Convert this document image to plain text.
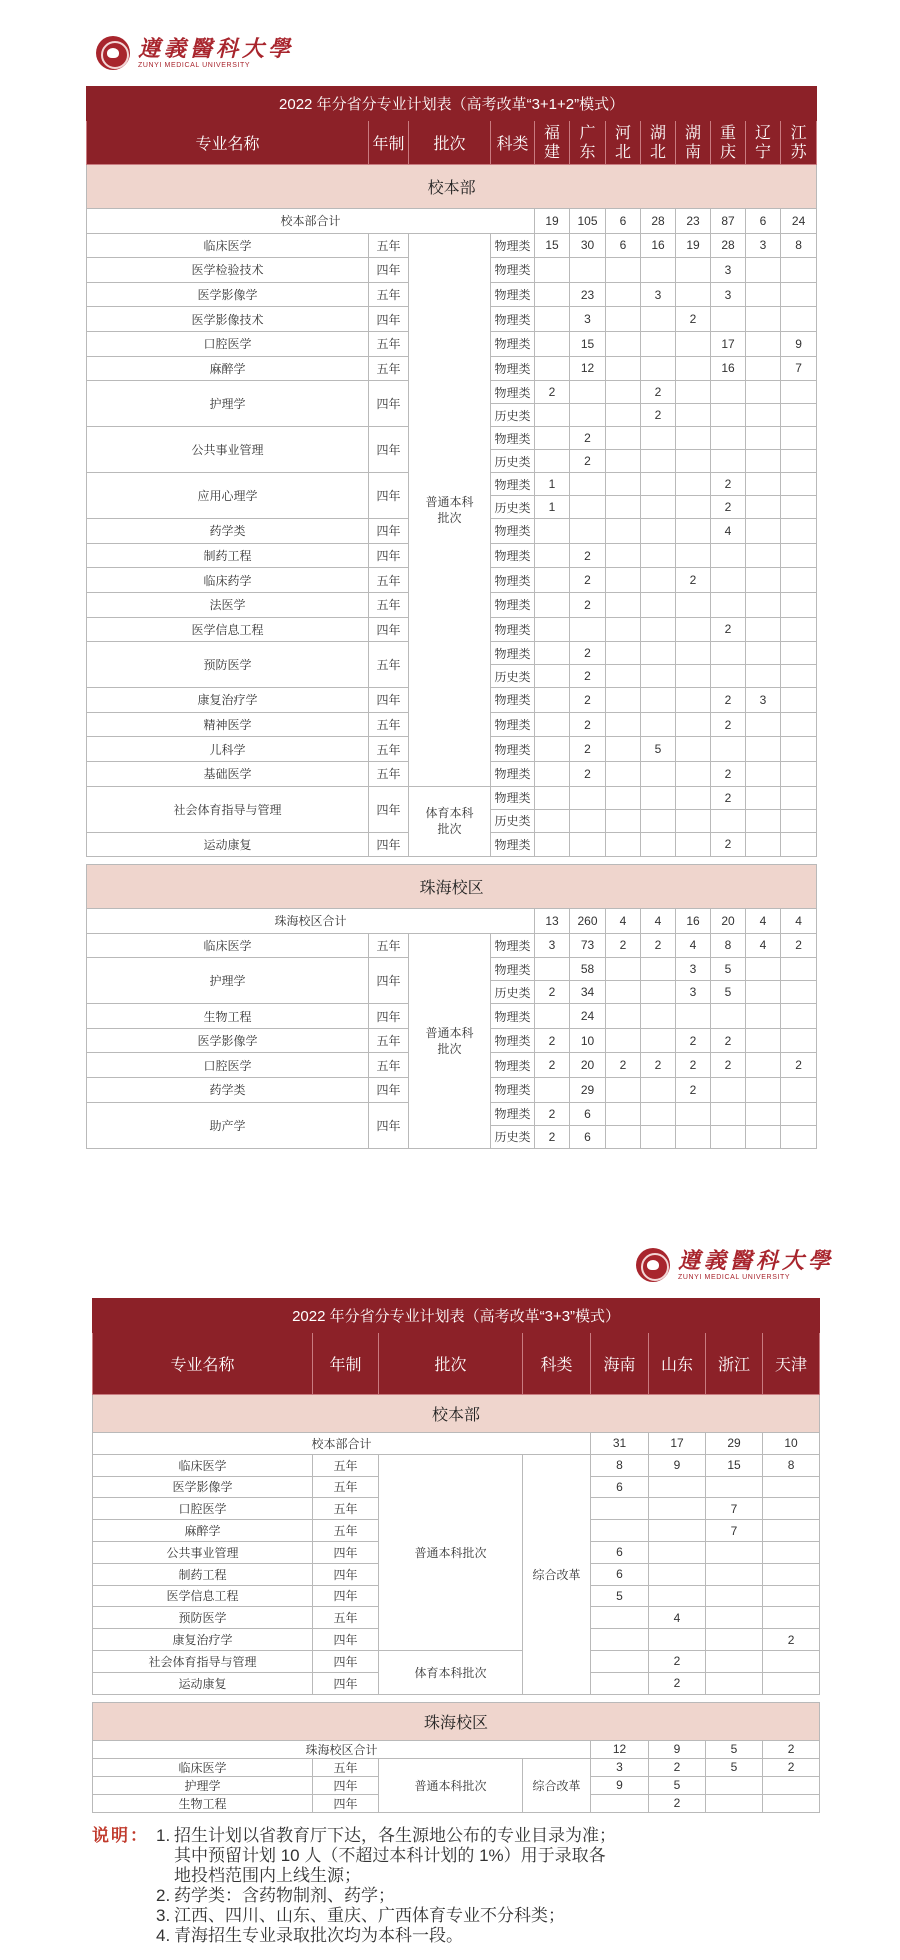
遵義醫科大學
ZUNYI MEDICAL UNIVERSITY
2022 年分省分专业计划表（高考改革“3+1+2”模式）											
专业名称	年制	批次	科类	福建	广东	河北	湖北	湖南	重庆	辽宁	江苏
校本部											
校本部合计				19	105	6	28	23	87	6	24
临床医学	五年	普通本科批次	物理类	15	30	6	16	19	28	3	8
医学检验技术	四年		物理类						3		
医学影像学	五年		物理类		23		3		3		
医学影像技术	四年		物理类		3			2			
口腔医学	五年		物理类		15				17		9
麻醉学	五年		物理类		12				16		7
护理学	四年		物理类	2			2				
			历史类				2				
公共事业管理	四年		物理类		2						
			历史类		2						
应用心理学	四年		物理类	1					2		
			历史类	1					2		
药学类	四年		物理类						4		
制药工程	四年		物理类		2						
临床药学	五年		物理类		2			2			
法医学	五年		物理类		2						
医学信息工程	四年		物理类						2		
预防医学	五年		物理类		2						
			历史类		2						
康复治疗学	四年		物理类		2				2	3	
精神医学	五年		物理类		2				2		
儿科学	五年		物理类		2		5				
基础医学	五年		物理类		2				2		
社会体育指导与管理	四年	体育本科批次	物理类						2		
			历史类								
运动康复	四年		物理类						2		

珠海校区											
珠海校区合计				13	260	4	4	16	20	4	4
临床医学	五年	普通本科批次	物理类	3	73	2	2	4	8	4	2
护理学	四年		物理类		58			3	5		
			历史类	2	34			3	5		
生物工程	四年		物理类		24						
医学影像学	五年		物理类	2	10			2	2		
口腔医学	五年		物理类	2	20	2	2	2	2		2
药学类	四年		物理类		29			2			
助产学	四年		物理类	2	6						
			历史类	2	6						
遵義醫科大學
ZUNYI MEDICAL UNIVERSITY
2022 年分省分专业计划表（高考改革“3+3”模式）							
专业名称	年制	批次	科类	海南	山东	浙江	天津
校本部							
校本部合计				31	17	29	10
临床医学	五年	普通本科批次	综合改革	8	9	15	8
医学影像学	五年			6			
口腔医学	五年					7	
麻醉学	五年					7	
公共事业管理	四年			6			
制药工程	四年			6			
医学信息工程	四年			5			
预防医学	五年				4		
康复治疗学	四年						2
社会体育指导与管理	四年	体育本科批次			2		
运动康复	四年				2		

珠海校区							
珠海校区合计				12	9	5	2
临床医学	五年	普通本科批次	综合改革	3	2	5	2
护理学	四年			9	5		
生物工程	四年				2		
说明： 1. 招生计划以省教育厅下达，各生源地公布的专业目录为准；
其中预留计划 10 人（不超过本科计划的 1%）用于录取各
地投档范围内上线生源；
2. 药学类：含药物制剂、药学；
3. 江西、四川、山东、重庆、广西体育专业不分科类；
4. 青海招生专业录取批次均为本科一段。
